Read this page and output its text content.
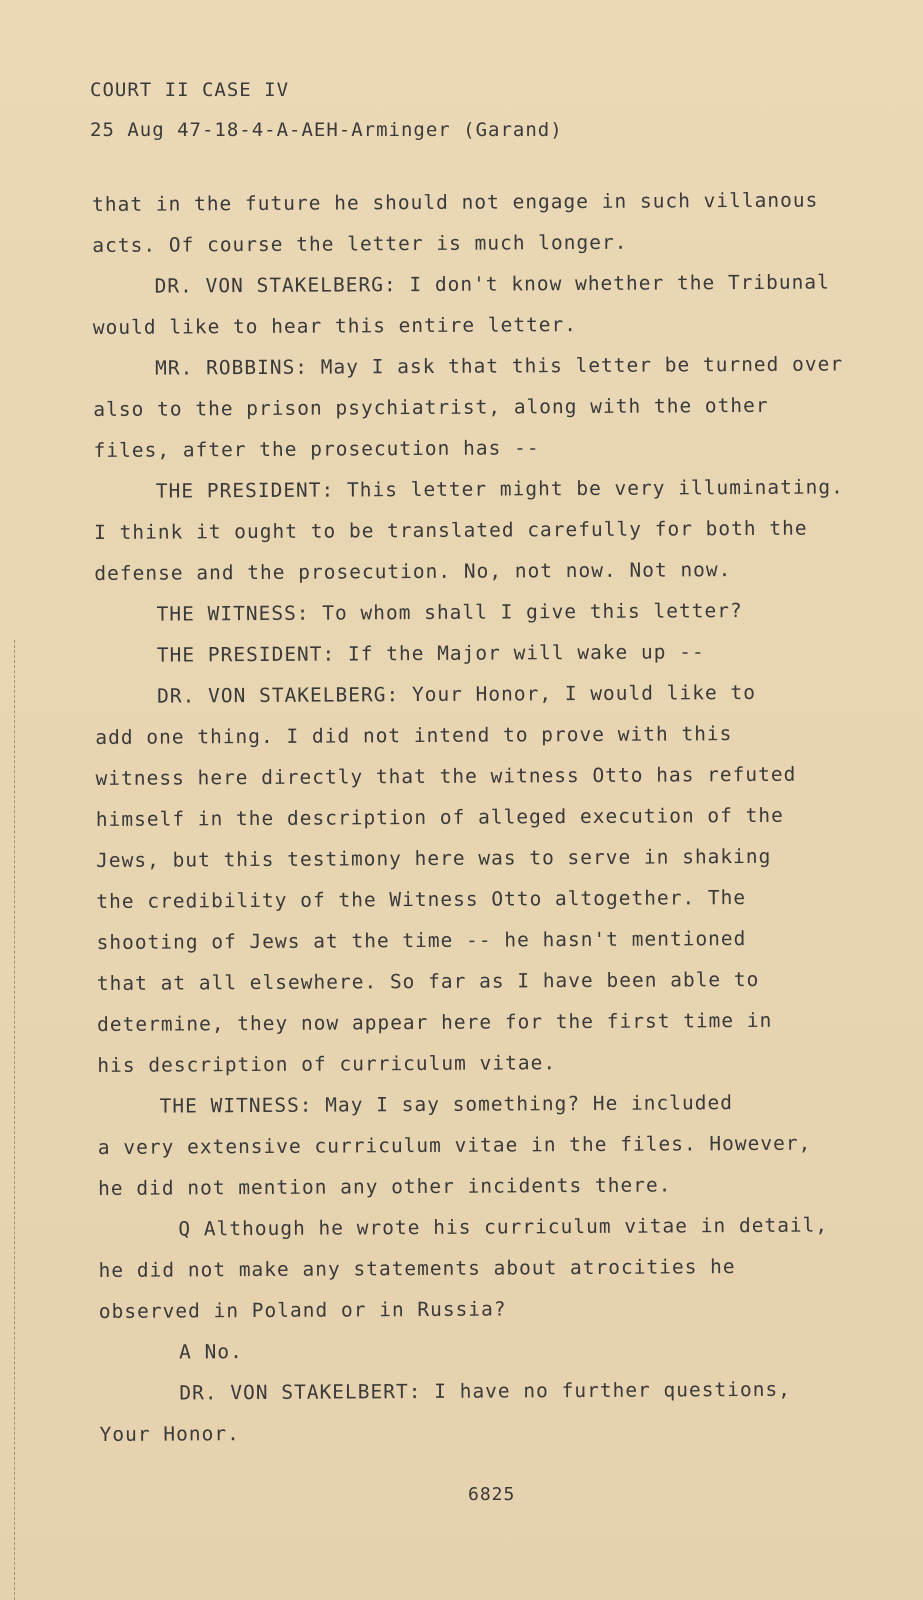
COURT II CASE IV
25 Aug 47-18-4-A-AEH-Arminger (Garand)
that in the future he should not engage in such villanous
acts. Of course the letter is much longer.
DR. VON STAKELBERG: I don't know whether the Tribunal
would like to hear this entire letter.
MR. ROBBINS: May I ask that this letter be turned over
also to the prison psychiatrist, along with the other
files, after the prosecution has --
THE PRESIDENT: This letter might be very illuminating.
I think it ought to be translated carefully for both the
defense and the prosecution. No, not now. Not now.
THE WITNESS: To whom shall I give this letter?
THE PRESIDENT: If the Major will wake up --
DR. VON STAKELBERG: Your Honor, I would like to
add one thing. I did not intend to prove with this
witness here directly that the witness Otto has refuted
himself in the description of alleged execution of the
Jews, but this testimony here was to serve in shaking
the credibility of the Witness Otto altogether. The
shooting of Jews at the time -- he hasn't mentioned
that at all elsewhere. So far as I have been able to
determine, they now appear here for the first time in
his description of curriculum vitae.
THE WITNESS: May I say something? He included
a very extensive curriculum vitae in the files. However,
he did not mention any other incidents there.
Q Although he wrote his curriculum vitae in detail,
he did not make any statements about atrocities he
observed in Poland or in Russia?
A No.
DR. VON STAKELBERT: I have no further questions,
Your Honor.
6825
